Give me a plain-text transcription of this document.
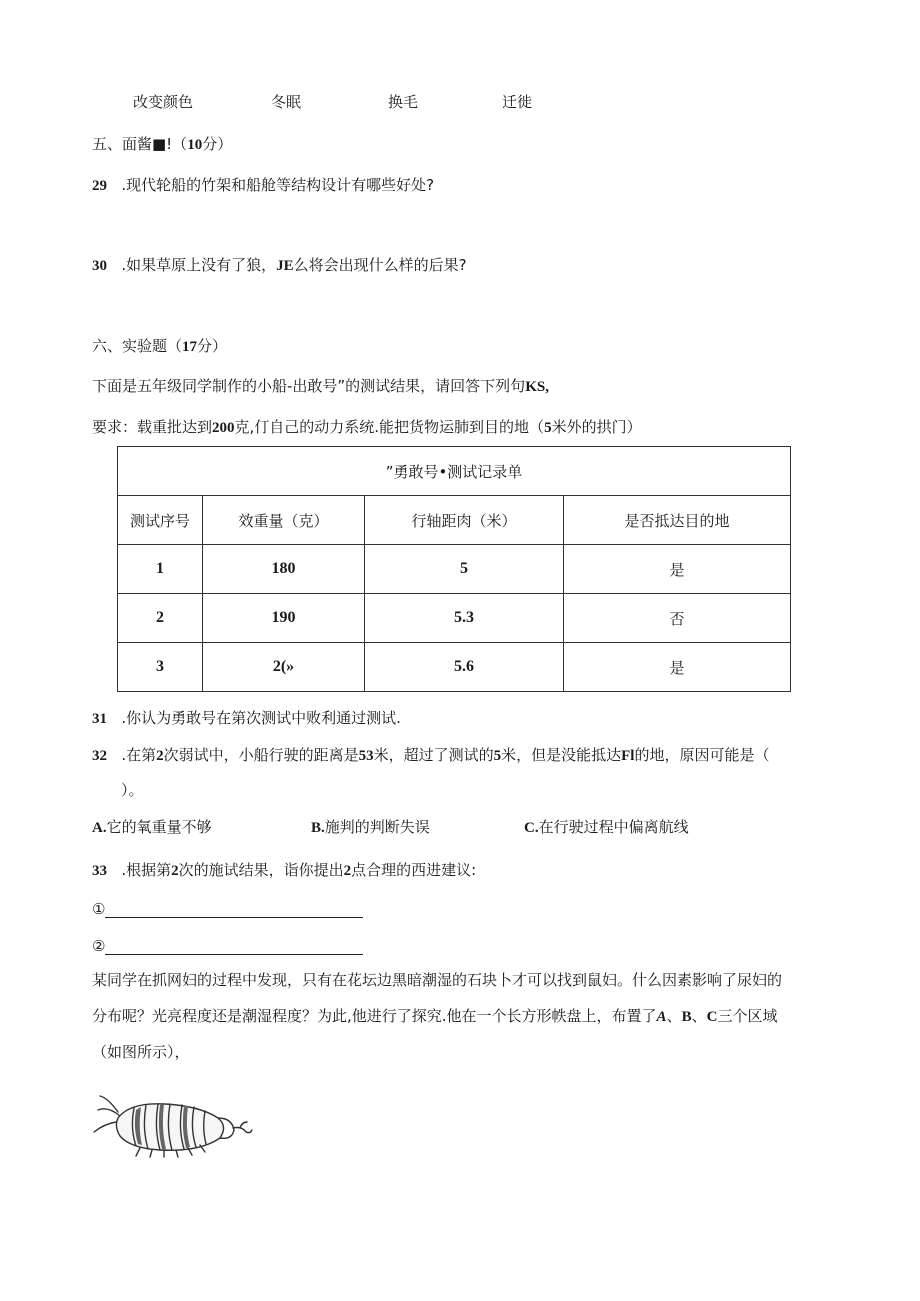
改变颜色	冬眠	换毛	迁徙
五、面酱■!（10分）
29 .现代轮船的竹架和船舱等结构设计有哪些好处?
30 .如果草原上没有了狼，JE么将会出现什么样的后果?
六、实验题（17分）
下面是五年级同学制作的小船-出敢号”的测试结果，请回答下列句KS,
要求：载重批达到200克,仃自己的动力系统.能把货物运肺到目的地（5米外的拱门）
”勇敢号•测试记录单			
测试序号	效重量（克）	行轴距肉（米）	是否抵达目的地
1	180	5	是
2	190	5.3	否
3	2(»	5.6	是
31 .你认为勇敢号在第次测试中败利通过测试.
32 .在第2次弱试中，小船行驶的距离是53米，超过了测试的5米，但是没能抵达Fl的地，原因可能是（
）。
A.它的氧重量不够	B.施判的判断失误	C.在行驶过程中偏离航线
33 .根据第2次的施试结果，诣你提出2点合理的西进建议:
①
②
某同学在抓网妇的过程中发现，只有在花坛边黑暗潮湿的石块卜才可以找到鼠妇。什么因素影响了尿妇的
分布呢？光亮程度还是潮湿程度？为此,他进行了探究.他在一个长方形帙盘上，布置了A、B、C三个区域
（如图所示），
